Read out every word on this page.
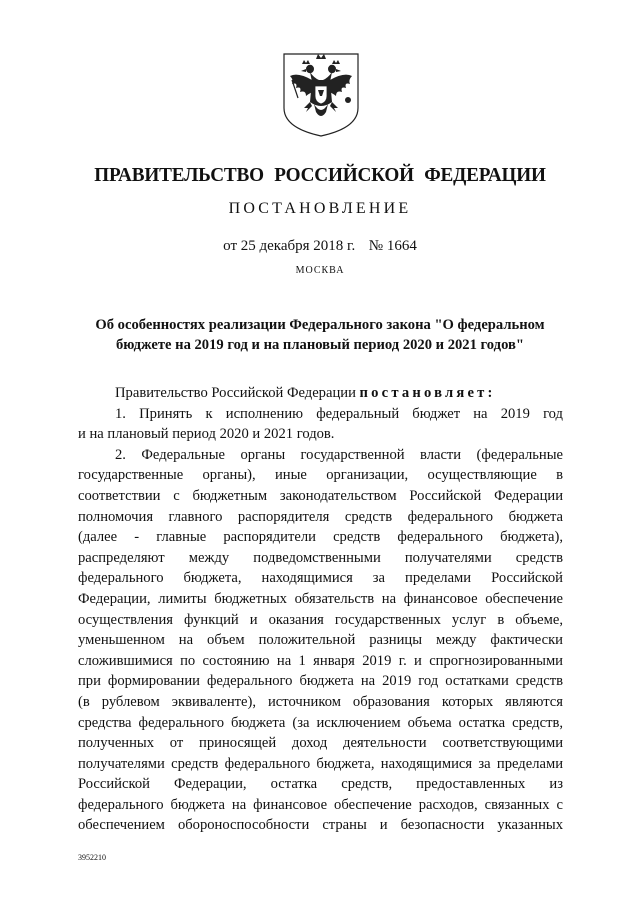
ПРАВИТЕЛЬСТВО РОССИЙСКОЙ ФЕДЕРАЦИИ
ПОСТАНОВЛЕНИЕ
от 25 декабря 2018 г. № 1664
МОСКВА
Об особенностях реализации Федерального закона "О федеральном
бюджете на 2019 год и на плановый период 2020 и 2021 годов"

Правительство Российской Федерации постановляет:

1. Принять к исполнению федеральный бюджет на 2019 год

и на плановый период 2020 и 2021 годов.

2. Федеральные органы государственной власти (федеральные

государственные органы), иные организации, осуществляющие в

соответствии с бюджетным законодательством Российской Федерации

полномочия главного распорядителя средств федерального бюджета

(далее - главные распорядители средств федерального бюджета),

распределяют между подведомственными получателями средств

федерального бюджета, находящимися за пределами Российской

Федерации, лимиты бюджетных обязательств на финансовое обеспечение

осуществления функций и оказания государственных услуг в объеме,

уменьшенном на объем положительной разницы между фактически

сложившимися по состоянию на 1 января 2019 г. и спрогнозированными

при формировании федерального бюджета на 2019 год остатками средств

(в рублевом эквиваленте), источником образования которых являются

средства федерального бюджета (за исключением объема остатка средств,

полученных от приносящей доход деятельности соответствующими

получателями средств федерального бюджета, находящимися за пределами

Российской Федерации, остатка средств, предоставленных из

федерального бюджета на финансовое обеспечение расходов, связанных с

обеспечением обороноспособности страны и безопасности указанных

3952210
